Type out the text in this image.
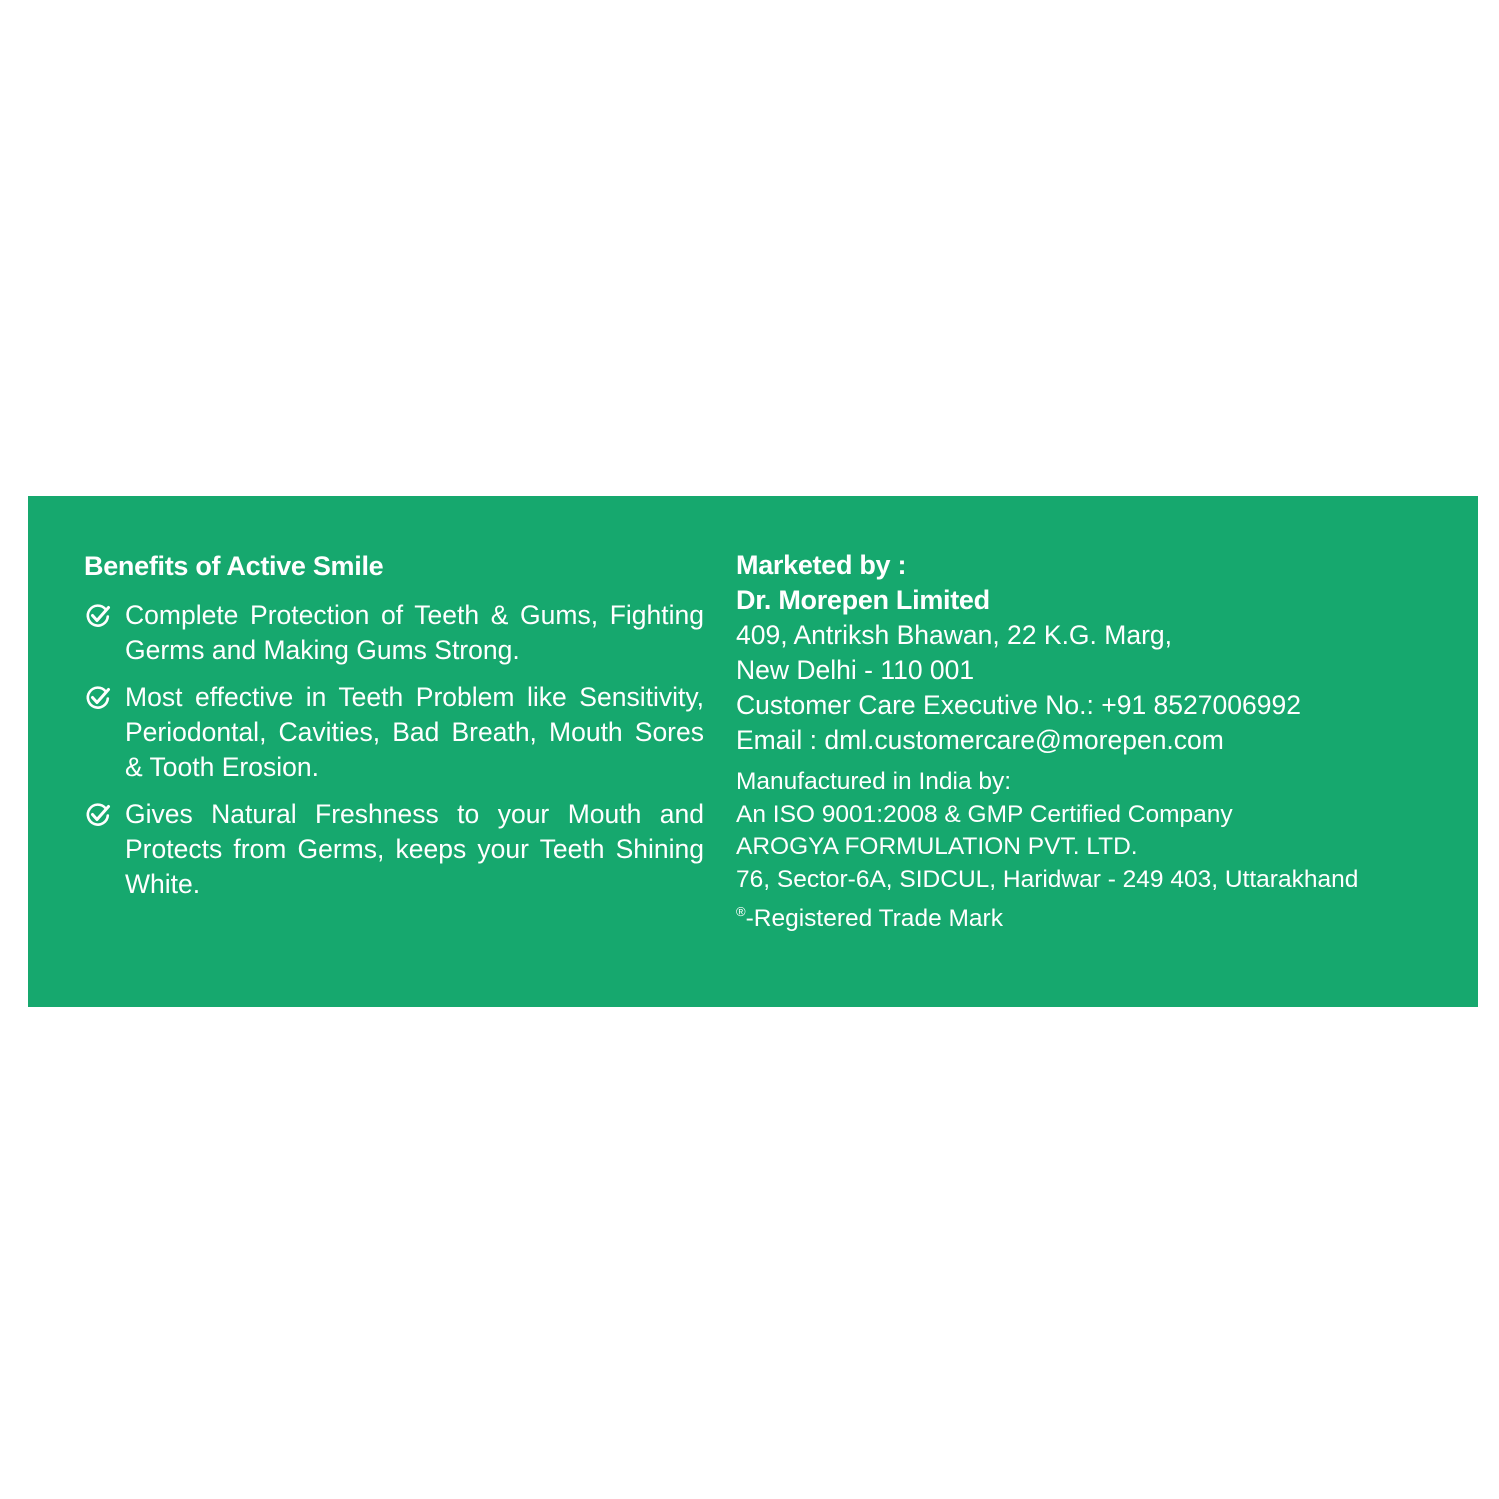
Benefits of Active Smile
Complete Protection of Teeth & Gums, Fighting Germs and Making Gums Strong.
Most effective in Teeth Problem like Sensitivity, Periodontal, Cavities, Bad Breath, Mouth Sores & Tooth Erosion.
Gives Natural Freshness to your Mouth and Protects from Germs, keeps your Teeth Shining White.
Marketed by :
Dr. Morepen Limited
409, Antriksh Bhawan, 22 K.G. Marg,
New Delhi - 110 001
Customer Care Executive No.: +91 8527006992
Email : dml.customercare@morepen.com
Manufactured in India by:
An ISO 9001:2008 & GMP Certified Company
AROGYA FORMULATION PVT. LTD.
76, Sector-6A, SIDCUL, Haridwar - 249 403, Uttarakhand
®-Registered Trade Mark
